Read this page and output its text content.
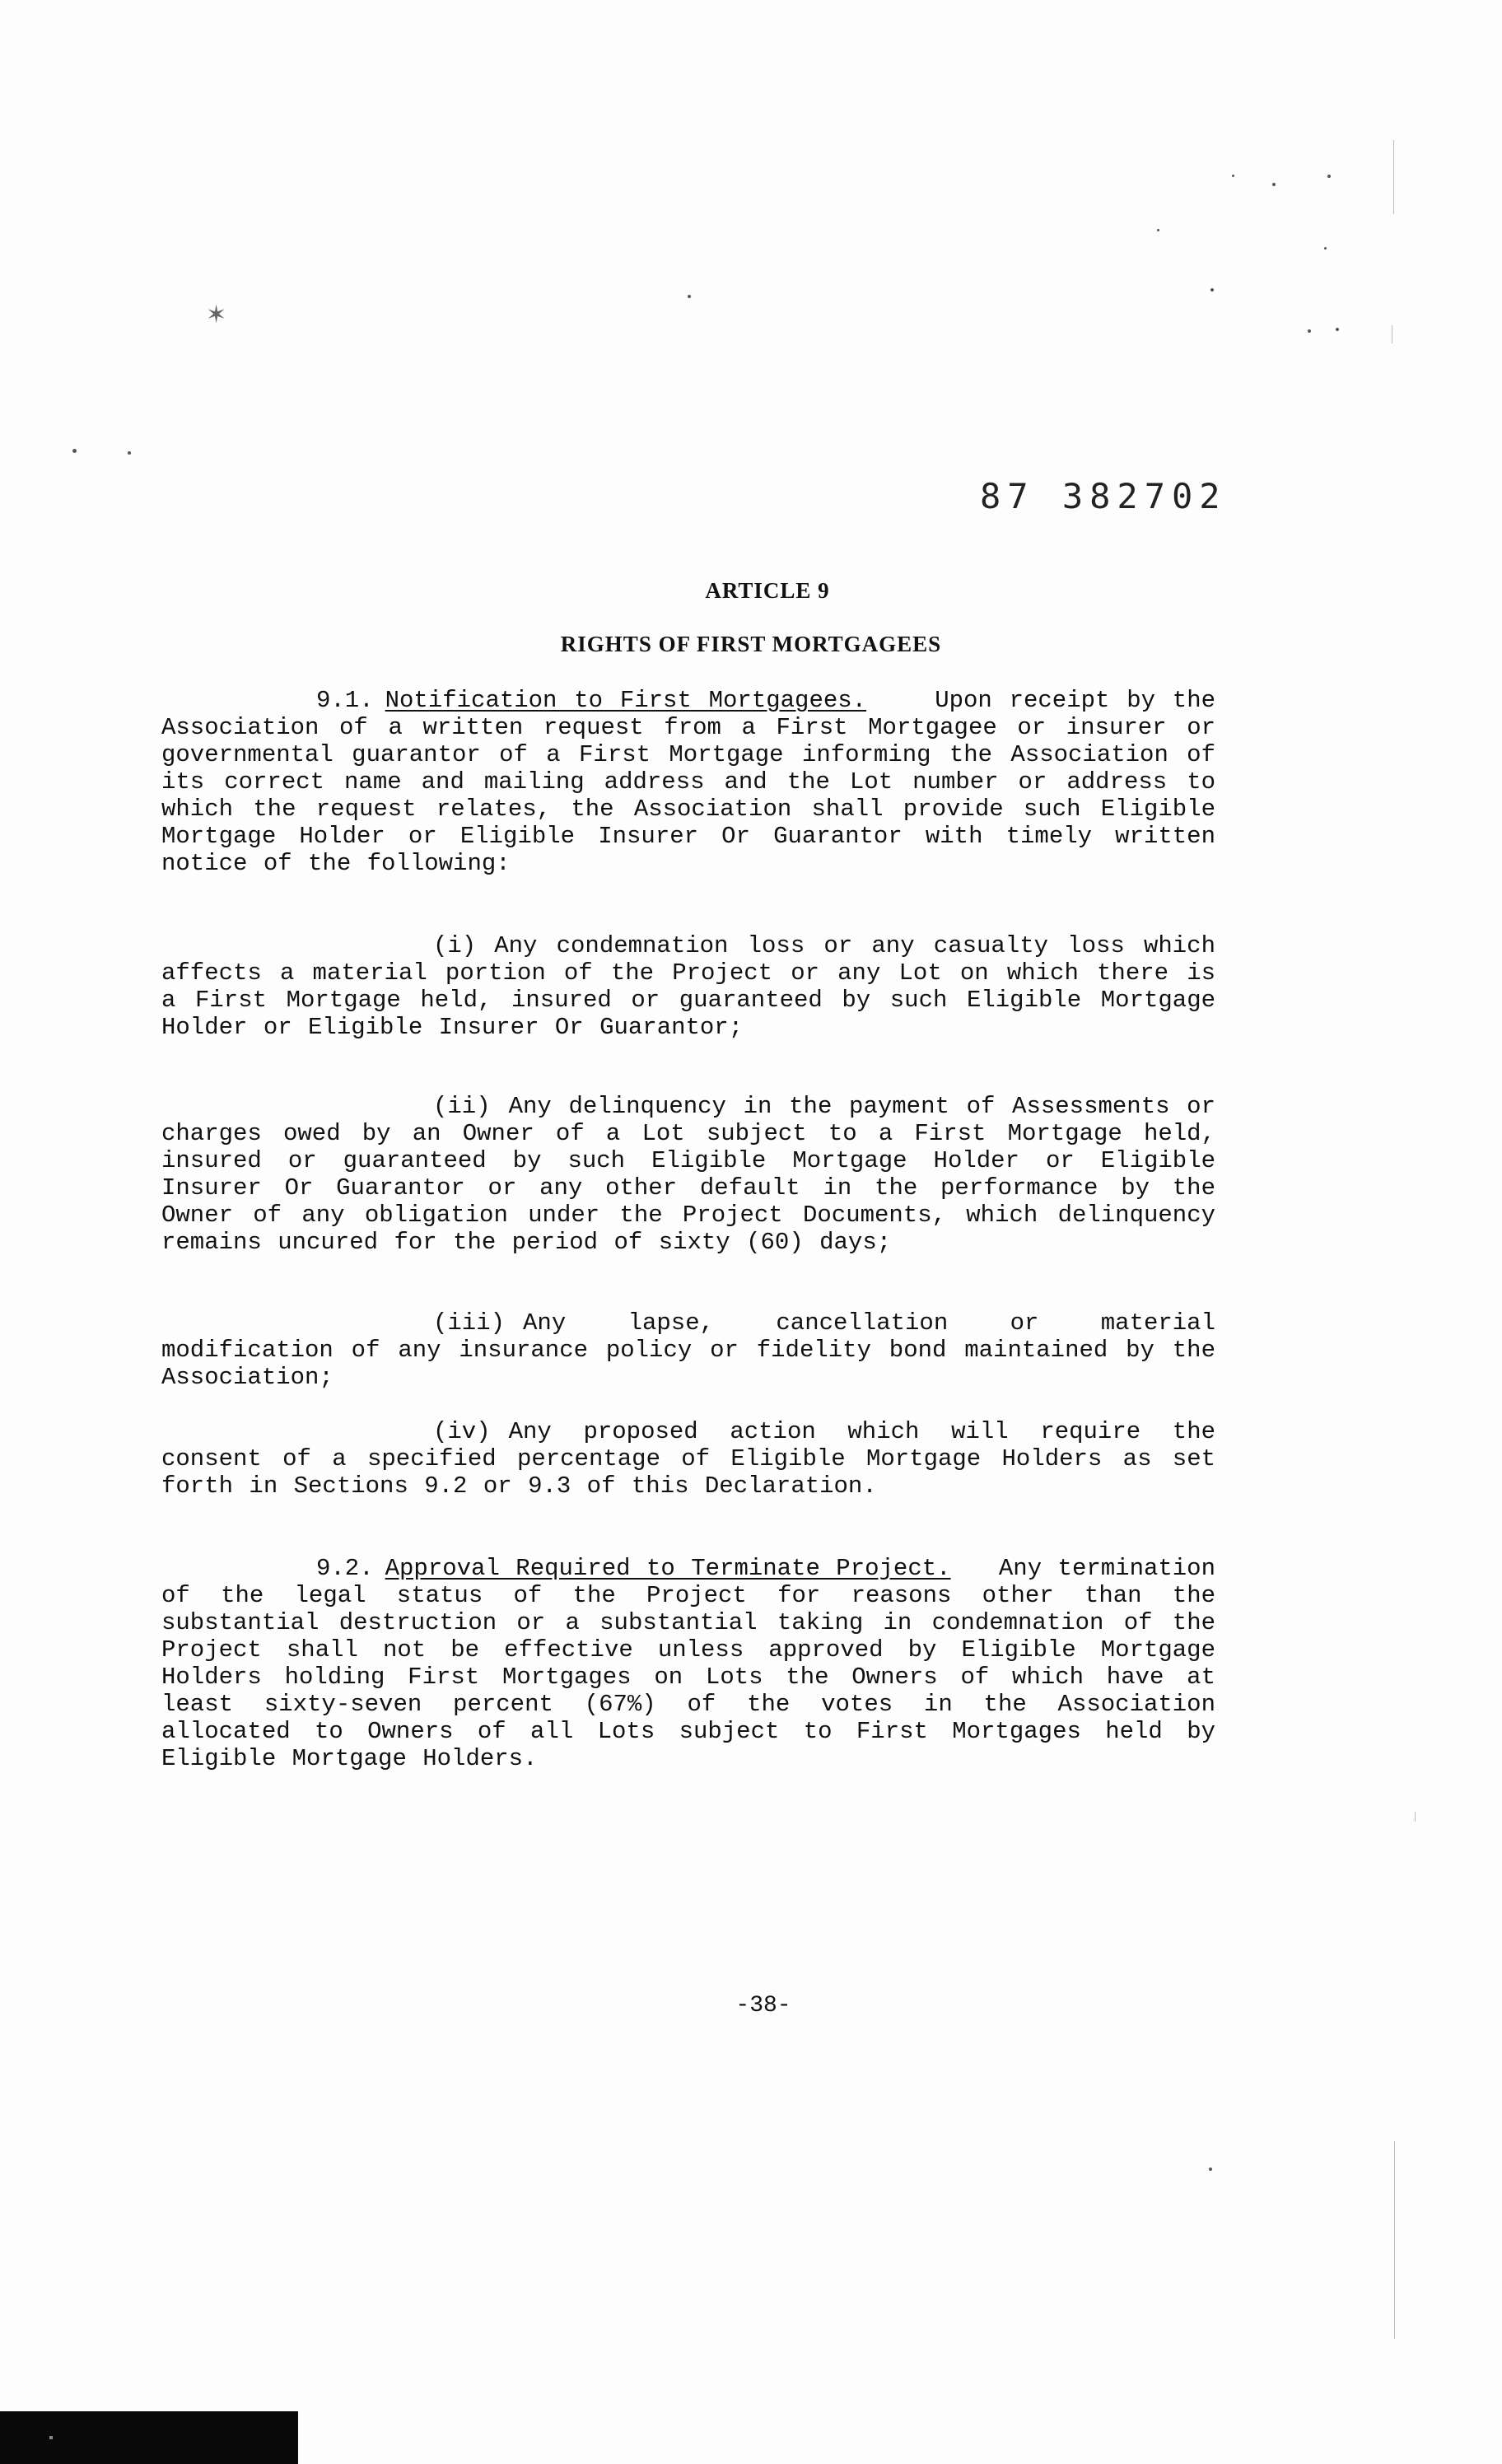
✶
87 382702
ARTICLE 9
RIGHTS OF FIRST MORTGAGEES
9.1. Notification to First Mortgagees.	Upon receipt by the Association of a written request from a First Mortgagee or insurer or governmental guarantor of a First Mortgage informing the Association of its correct name and mailing address and the Lot number or address to which the request relates, the Association shall provide such Eligible Mortgage Holder or Eligible Insurer Or Guarantor with timely written notice of the following:
(i) Any condemnation loss or any casualty loss which affects a material portion of the Project or any Lot on which there is a First Mortgage held, insured or guaranteed by such Eligible Mortgage Holder or Eligible Insurer Or Guarantor;
(ii) Any delinquency in the payment of Assessments or charges owed by an Owner of a Lot subject to a First Mortgage held, insured or guaranteed by such Eligible Mortgage Holder or Eligible Insurer Or Guarantor or any other default in the performance by the Owner of any obligation under the Project Documents, which delinquency remains uncured for the period of sixty (60) days;
(iii) Any lapse, cancellation or material modification of any insurance policy or fidelity bond maintained by the Association;
(iv) Any proposed action which will require the consent of a specified percentage of Eligible Mortgage Holders as set forth in Sections 9.2 or 9.3 of this Declaration.
9.2. Approval Required to Terminate Project. Any termination of the legal status of the Project for reasons other than the substantial destruction or a substantial taking in condemnation of the Project shall not be effective unless approved by Eligible Mortgage Holders holding First Mortgages on Lots the Owners of which have at least sixty-seven percent (67%) of the votes in the Association allocated to Owners of all Lots subject to First Mortgages held by Eligible Mortgage Holders.
-38-
